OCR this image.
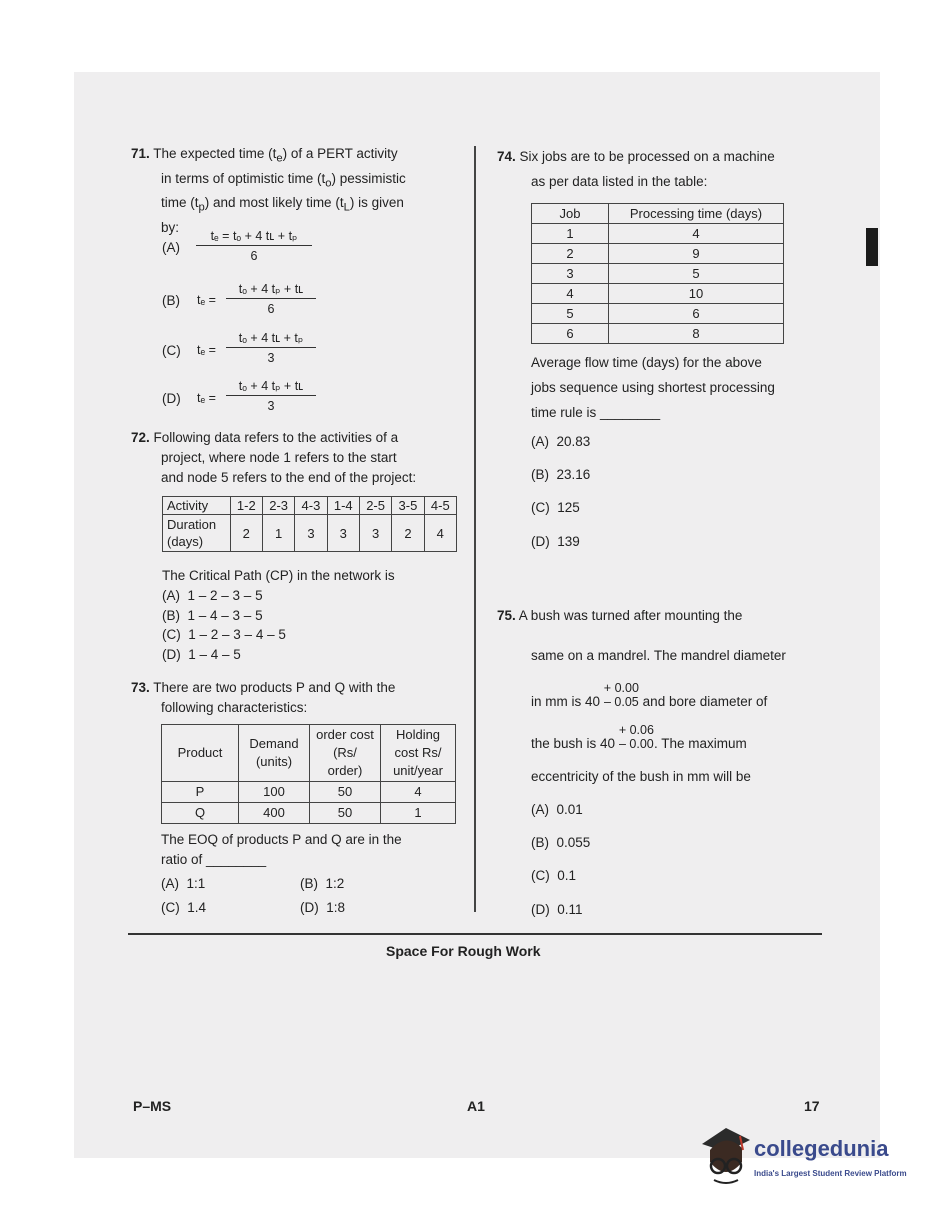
71. The expected time $(t_e)$ of a PERT activity
in terms of optimistic time $(t_o)$ pessimistic
time $(t_p)$ and most likely time $(t_L)$ is given
by:
$(A) \frac{\text{tₑ = tₒ + 4 tʟ + tₚ}}{6}$
(B) $t_e = \frac{\text{tₒ + 4 tₚ + tʟ}}{6}$
(C) $t_e = \frac{\text{tₒ + 4 tʟ + tₚ}}{3}$
(D) $t_e = \frac{\text{tₒ + 4 tₚ + tʟ}}{3}$
72. Following data refers to the activities of a
project, where node 1 refers to the start
and node 5 refers to the end of the project:
Activity	1-2	2-3	4-3	1-4	2-5	3-5	4-5

Duration
(days)	2	1	3	3	3	2	4
The Critical Path (CP) in the network is
(A) 1 – 2 – 3 – 5
(B) 1 – 4 – 3 – 5
(C) 1 – 2 – 3 – 4 – 5
(D) 1 – 4 – 5
73. There are two products P and Q with the
following characteristics:
Product	Demand (units)	order cost (Rs/ order)	Holding cost Rs/ unit/year
P	100	50	4
Q	400	50	1
The EOQ of products P and Q are in the
ratio of ________
(A) 1:1	(B) 1:2
(C) 1.4	(D) 1:8
74. Six jobs are to be processed on a machine
as per data listed in the table:
Job	Processing time (days)
1	4
2	9
3	5
4	10
5	6
6	8
Average flow time (days) for the above
jobs sequence using shortest processing
time rule is ________
(A) 20.83
(B) 23.16
(C) 125
(D) 139
75. A bush was turned after mounting the
same on a mandrel. The mandrel diameter
in mm is 40
+ 0.00
– 0.05 and bore diameter of
the bush is 40
+ 0.06
– 0.00 . The maximum
eccentricity of the bush in mm will be
(A) 0.01
(B) 0.055
(C) 0.1
(D) 0.11
Space For Rough Work
P–MS	A1	17
collegedunia
India's Largest Student Review Platform
